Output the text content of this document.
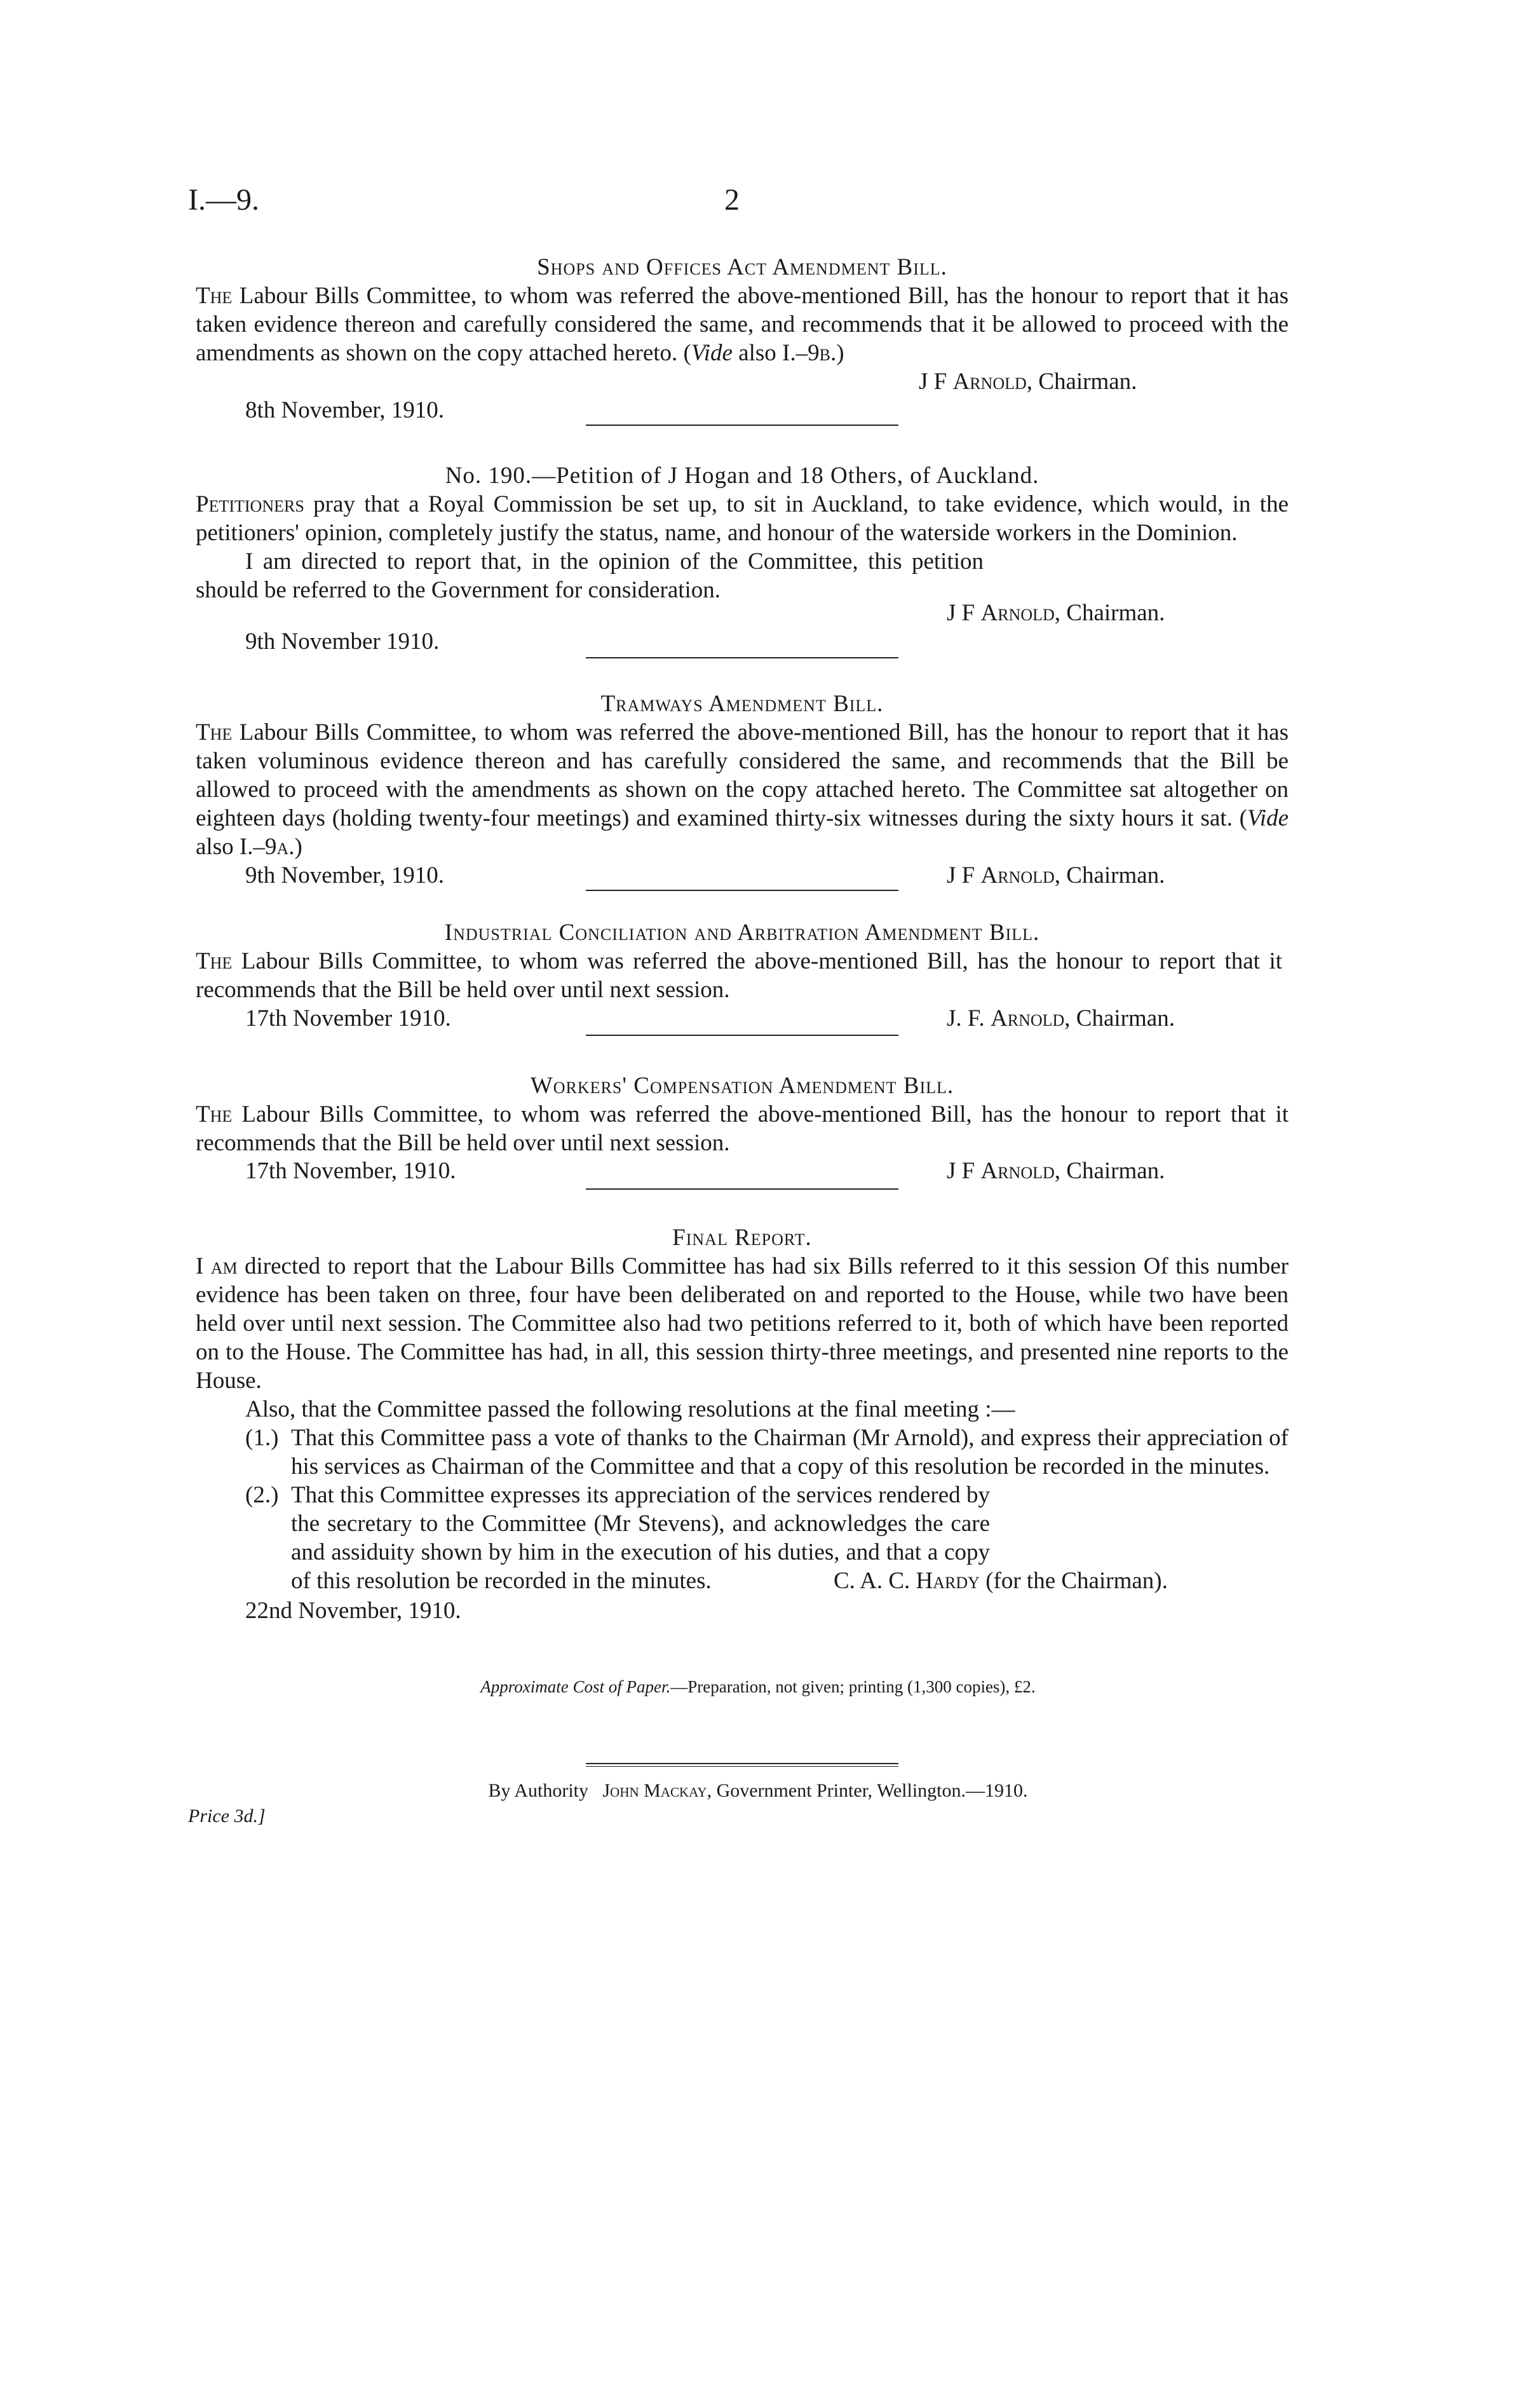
I.—9.	2
Shops and Offices Act Amendment Bill.
The Labour Bills Committee, to whom was referred the above-mentioned Bill, has the honour to report that it has taken evidence thereon and carefully considered the same, and recommends that it be allowed to proceed with the amendments as shown on the copy attached hereto. (Vide also I.–9b.)
J F Arnold, Chairman.
8th November, 1910.
No. 190.—Petition of J Hogan and 18 Others, of Auckland.
Petitioners pray that a Royal Commission be set up, to sit in Auckland, to take evidence, which would, in the petitioners' opinion, completely justify the status, name, and honour of the waterside workers in the Dominion.
I am directed to report that, in the opinion of the Committee, this petition should be referred to the Government for consideration.
J F Arnold, Chairman.
9th November 1910.
Tramways Amendment Bill.
The Labour Bills Committee, to whom was referred the above-mentioned Bill, has the honour to report that it has taken voluminous evidence thereon and has carefully considered the same, and recommends that the Bill be allowed to proceed with the amendments as shown on the copy attached hereto. The Committee sat altogether on eighteen days (holding twenty-four meetings) and examined thirty-six witnesses during the sixty hours it sat. (Vide also I.–9a.)
J F Arnold, Chairman.
9th November, 1910.
Industrial Conciliation and Arbitration Amendment Bill.
The Labour Bills Committee, to whom was referred the above-mentioned Bill, has the honour to report that it recommends that the Bill be held over until next session.
J. F. Arnold, Chairman.
17th November 1910.
Workers' Compensation Amendment Bill.
The Labour Bills Committee, to whom was referred the above-mentioned Bill, has the honour to report that it recommends that the Bill be held over until next session.
J F Arnold, Chairman.
17th November, 1910.
Final Report.
I am directed to report that the Labour Bills Committee has had six Bills referred to it this session Of this number evidence has been taken on three, four have been deliberated on and reported to the House, while two have been held over until next session. The Committee also had two petitions referred to it, both of which have been reported on to the House. The Committee has had, in all, this session thirty-three meetings, and presented nine reports to the House.
Also, that the Committee passed the following resolutions at the final meeting :—
(1.) That this Committee pass a vote of thanks to the Chairman (Mr Arnold), and express their appreciation of his services as Chairman of the Committee and that a copy of this resolution be recorded in the minutes.
(2.) That this Committee expresses its appreciation of the services rendered by the secretary to the Committee (Mr Stevens), and acknowledges the care and assiduity shown by him in the execution of his duties, and that a copy of this resolution be recorded in the minutes.	C. A. C. Hardy (for the Chairman).
22nd November, 1910.
Approximate Cost of Paper.—Preparation, not given; printing (1,300 copies), £2.
By Authority   John Mackay, Government Printer, Wellington.—1910.
Price 3d.]
